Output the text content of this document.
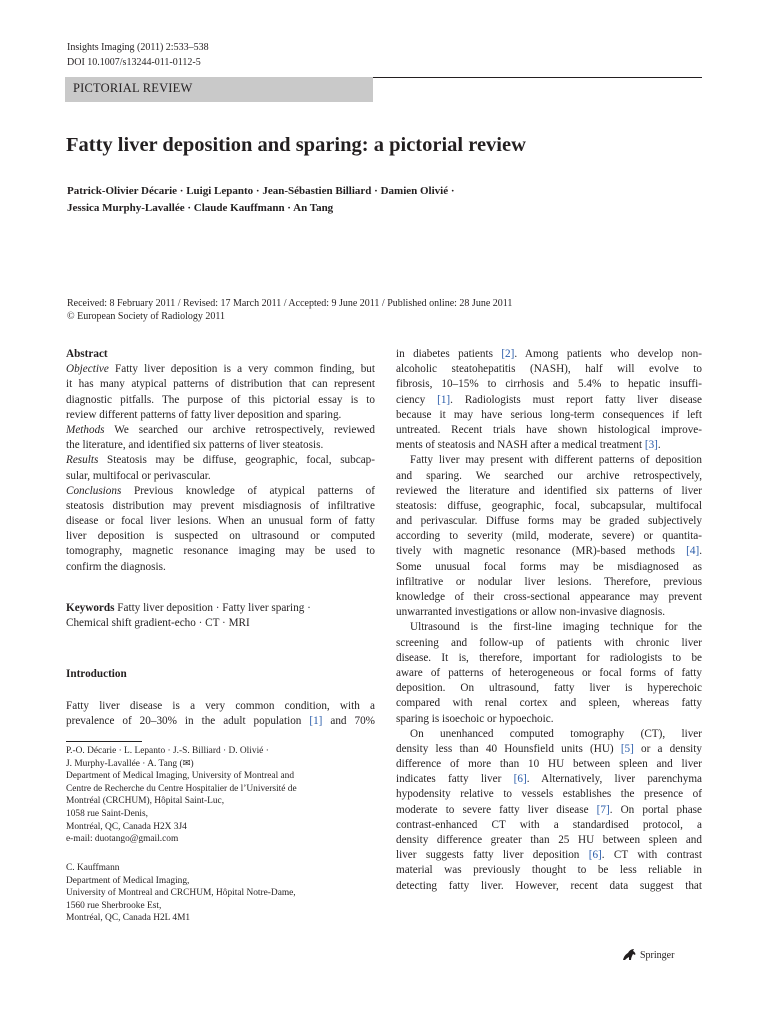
Insights Imaging (2011) 2:533–538
DOI 10.1007/s13244-011-0112-5
PICTORIAL REVIEW
Fatty liver deposition and sparing: a pictorial review
Patrick-Olivier Décarie · Luigi Lepanto · Jean-Sébastien Billiard · Damien Olivié ·
Jessica Murphy-Lavallée · Claude Kauffmann · An Tang
Received: 8 February 2011 / Revised: 17 March 2011 / Accepted: 9 June 2011 / Published online: 28 June 2011
© European Society of Radiology 2011
Abstract
Objective Fatty liver deposition is a very common finding, but
it has many atypical patterns of distribution that can represent
diagnostic pitfalls. The purpose of this pictorial essay is to
review different patterns of fatty liver deposition and sparing.
Methods We searched our archive retrospectively, reviewed
the literature, and identified six patterns of liver steatosis.
Results Steatosis may be diffuse, geographic, focal, subcap-
sular, multifocal or perivascular.
Conclusions Previous knowledge of atypical patterns of
steatosis distribution may prevent misdiagnosis of infiltrative
disease or focal liver lesions. When an unusual form of fatty
liver deposition is suspected on ultrasound or computed
tomography, magnetic resonance imaging may be used to
confirm the diagnosis.
Keywords Fatty liver deposition · Fatty liver sparing ·
Chemical shift gradient-echo · CT · MRI
Introduction
Fatty liver disease is a very common condition, with a
prevalence of 20–30% in the adult population [1] and 70%
P.-O. Décarie · L. Lepanto · J.-S. Billiard · D. Olivié ·
J. Murphy-Lavallée · A. Tang (✉)
Department of Medical Imaging, University of Montreal and
Centre de Recherche du Centre Hospitalier de l’Université de
Montréal (CRCHUM), Hôpital Saint-Luc,
1058 rue Saint-Denis,
Montréal, QC, Canada H2X 3J4
e-mail: duotango@gmail.com
C. Kauffmann
Department of Medical Imaging,
University of Montreal and CRCHUM, Hôpital Notre-Dame,
1560 rue Sherbrooke Est,
Montréal, QC, Canada H2L 4M1
in diabetes patients [2]. Among patients who develop non-
alcoholic steatohepatitis (NASH), half will evolve to
fibrosis, 10–15% to cirrhosis and 5.4% to hepatic insuffi-
ciency [1]. Radiologists must report fatty liver disease
because it may have serious long-term consequences if left
untreated. Recent trials have shown histological improve-
ments of steatosis and NASH after a medical treatment [3].
Fatty liver may present with different patterns of deposition
and sparing. We searched our archive retrospectively,
reviewed the literature and identified six patterns of liver
steatosis: diffuse, geographic, focal, subcapsular, multifocal
and perivascular. Diffuse forms may be graded subjectively
according to severity (mild, moderate, severe) or quantita-
tively with magnetic resonance (MR)-based methods [4].
Some unusual focal forms may be misdiagnosed as
infiltrative or nodular liver lesions. Therefore, previous
knowledge of their cross-sectional appearance may prevent
unwarranted investigations or allow non-invasive diagnosis.
Ultrasound is the first-line imaging technique for the
screening and follow-up of patients with chronic liver
disease. It is, therefore, important for radiologists to be
aware of patterns of heterogeneous or focal forms of fatty
deposition. On ultrasound, fatty liver is hyperechoic
compared with renal cortex and spleen, whereas fatty
sparing is isoechoic or hypoechoic.
On unenhanced computed tomography (CT), liver
density less than 40 Hounsfield units (HU) [5] or a density
difference of more than 10 HU between spleen and liver
indicates fatty liver [6]. Alternatively, liver parenchyma
hypodensity relative to vessels establishes the presence of
moderate to severe fatty liver disease [7]. On portal phase
contrast-enhanced CT with a standardised protocol, a
density difference greater than 25 HU between spleen and
liver suggests fatty liver deposition [6]. CT with contrast
material was previously thought to be less reliable in
detecting fatty liver. However, recent data suggest that
Springer
